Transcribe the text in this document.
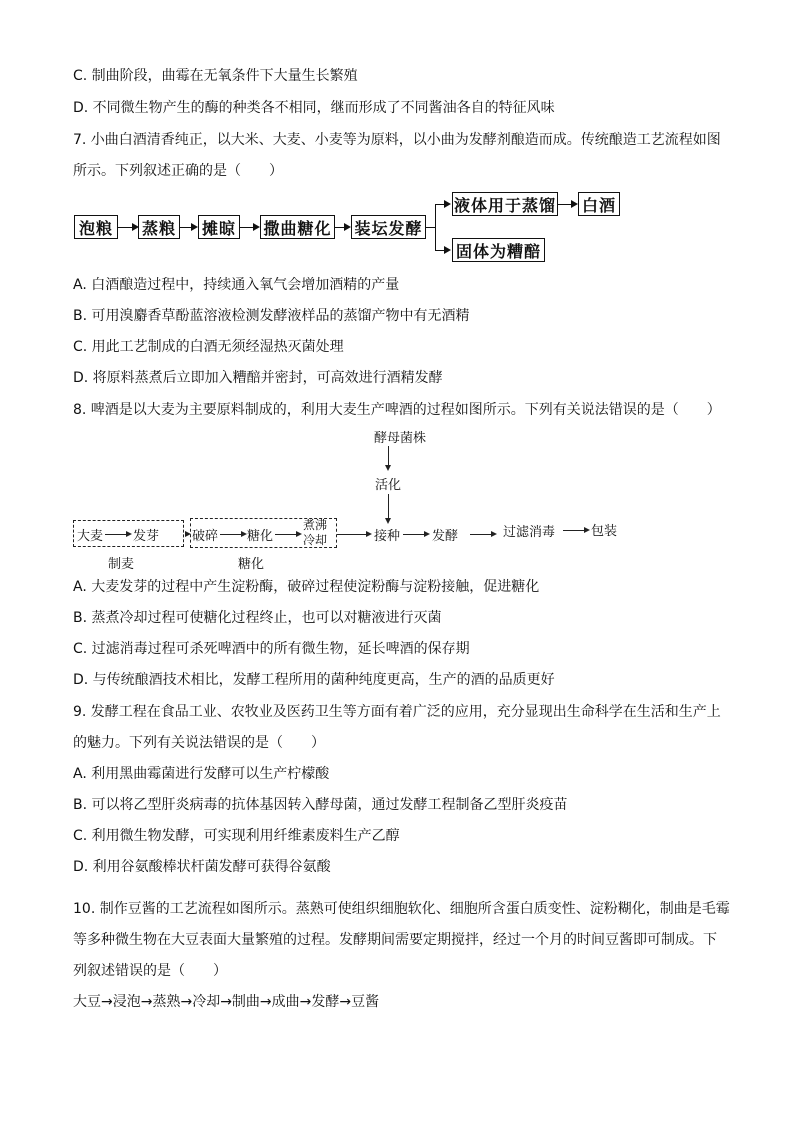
C. 制曲阶段，曲霉在无氧条件下大量生长繁殖
D. 不同微生物产生的酶的种类各不相同，继而形成了不同酱油各自的特征风味
7. 小曲白酒清香纯正，以大米、大麦、小麦等为原料，以小曲为发酵剂酿造而成。传统酿造工艺流程如图
所示。下列叙述正确的是（　　）
泡粮	蒸粮 摊晾 撒曲糖化 装坛发酵
液体用于蒸馏 白酒
固体为糟醅
A. 白酒酿造过程中，持续通入氧气会增加酒精的产量
B. 可用溴麝香草酚蓝溶液检测发酵液样品的蒸馏产物中有无酒精
C. 用此工艺制成的白酒无须经湿热灭菌处理
D. 将原料蒸煮后立即加入糟醅并密封，可高效进行酒精发酵
8. 啤酒是以大麦为主要原料制成的，利用大麦生产啤酒的过程如图所示。下列有关说法错误的是（　　）
酵母菌株
活化
大麦 发芽	破碎 糖化
煮沸
冷却	接种 发酵	过滤消毒	包装
制麦	糖化
A. 大麦发芽的过程中产生淀粉酶，破碎过程使淀粉酶与淀粉接触，促进糖化
B. 蒸煮冷却过程可使糖化过程终止，也可以对糖液进行灭菌
C. 过滤消毒过程可杀死啤酒中的所有微生物，延长啤酒的保存期
D. 与传统酿酒技术相比，发酵工程所用的菌种纯度更高，生产的酒的品质更好
9. 发酵工程在食品工业、农牧业及医药卫生等方面有着广泛的应用，充分显现出生命科学在生活和生产上
的魅力。下列有关说法错误的是（　　）
A. 利用黑曲霉菌进行发酵可以生产柠檬酸
B. 可以将乙型肝炎病毒的抗体基因转入酵母菌，通过发酵工程制备乙型肝炎疫苗
C. 利用微生物发酵，可实现利用纤维素废料生产乙醇
D. 利用谷氨酸棒状杆菌发酵可获得谷氨酸
10. 制作豆酱的工艺流程如图所示。蒸熟可使组织细胞软化、细胞所含蛋白质变性、淀粉糊化，制曲是毛霉
等多种微生物在大豆表面大量繁殖的过程。发酵期间需要定期搅拌，经过一个月的时间豆酱即可制成。下
列叙述错误的是（　　）
大豆→浸泡→蒸熟→冷却→制曲→成曲→发酵→豆酱
